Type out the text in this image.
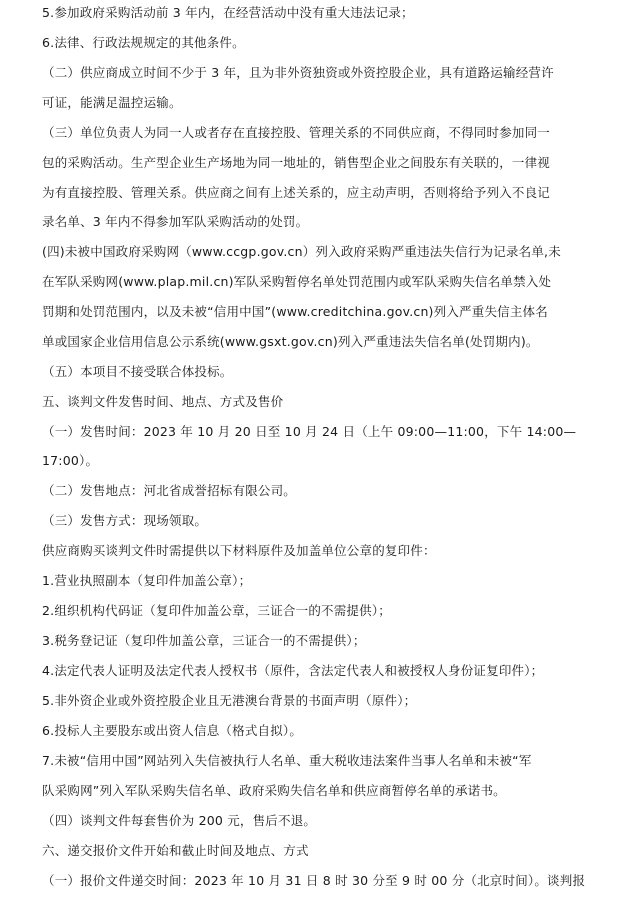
5.参加政府采购活动前 3 年内，在经营活动中没有重大违法记录；
6.法律、行政法规规定的其他条件。
（二）供应商成立时间不少于 3 年，且为非外资独资或外资控股企业，具有道路运输经营许
可证，能满足温控运输。
（三）单位负责人为同一人或者存在直接控股、管理关系的不同供应商，不得同时参加同一
包的采购活动。生产型企业生产场地为同一地址的，销售型企业之间股东有关联的，一律视
为有直接控股、管理关系。供应商之间有上述关系的，应主动声明，否则将给予列入不良记
录名单、3 年内不得参加军队采购活动的处罚。
(四)未被中国政府采购网（www.ccgp.gov.cn）列入政府采购严重违法失信行为记录名单,未
在军队采购网(www.plap.mil.cn)军队采购暂停名单处罚范围内或军队采购失信名单禁入处
罚期和处罚范围内，以及未被“信用中国”(www.creditchina.gov.cn)列入严重失信主体名
单或国家企业信用信息公示系统(www.gsxt.gov.cn)列入严重违法失信名单(处罚期内)。
（五）本项目不接受联合体投标。
五、谈判文件发售时间、地点、方式及售价
（一）发售时间：2023 年 10 月 20 日至 10 月 24 日（上午 09:00—11:00，下午 14:00—
17:00）。
（二）发售地点：河北省成誉招标有限公司。
（三）发售方式：现场领取。
供应商购买谈判文件时需提供以下材料原件及加盖单位公章的复印件：
1.营业执照副本（复印件加盖公章）；
2.组织机构代码证（复印件加盖公章，三证合一的不需提供）；
3.税务登记证（复印件加盖公章，三证合一的不需提供）；
4.法定代表人证明及法定代表人授权书（原件，含法定代表人和被授权人身份证复印件）；
5.非外资企业或外资控股企业且无港澳台背景的书面声明（原件）；
6.投标人主要股东或出资人信息（格式自拟）。
7.未被“信用中国”网站列入失信被执行人名单、重大税收违法案件当事人名单和未被“军
队采购网”列入军队采购失信名单、政府采购失信名单和供应商暂停名单的承诺书。
（四）谈判文件每套售价为 200 元，售后不退。
六、递交报价文件开始和截止时间及地点、方式
（一）报价文件递交时间：2023 年 10 月 31 日 8 时 30 分至 9 时 00 分（北京时间）。谈判报
